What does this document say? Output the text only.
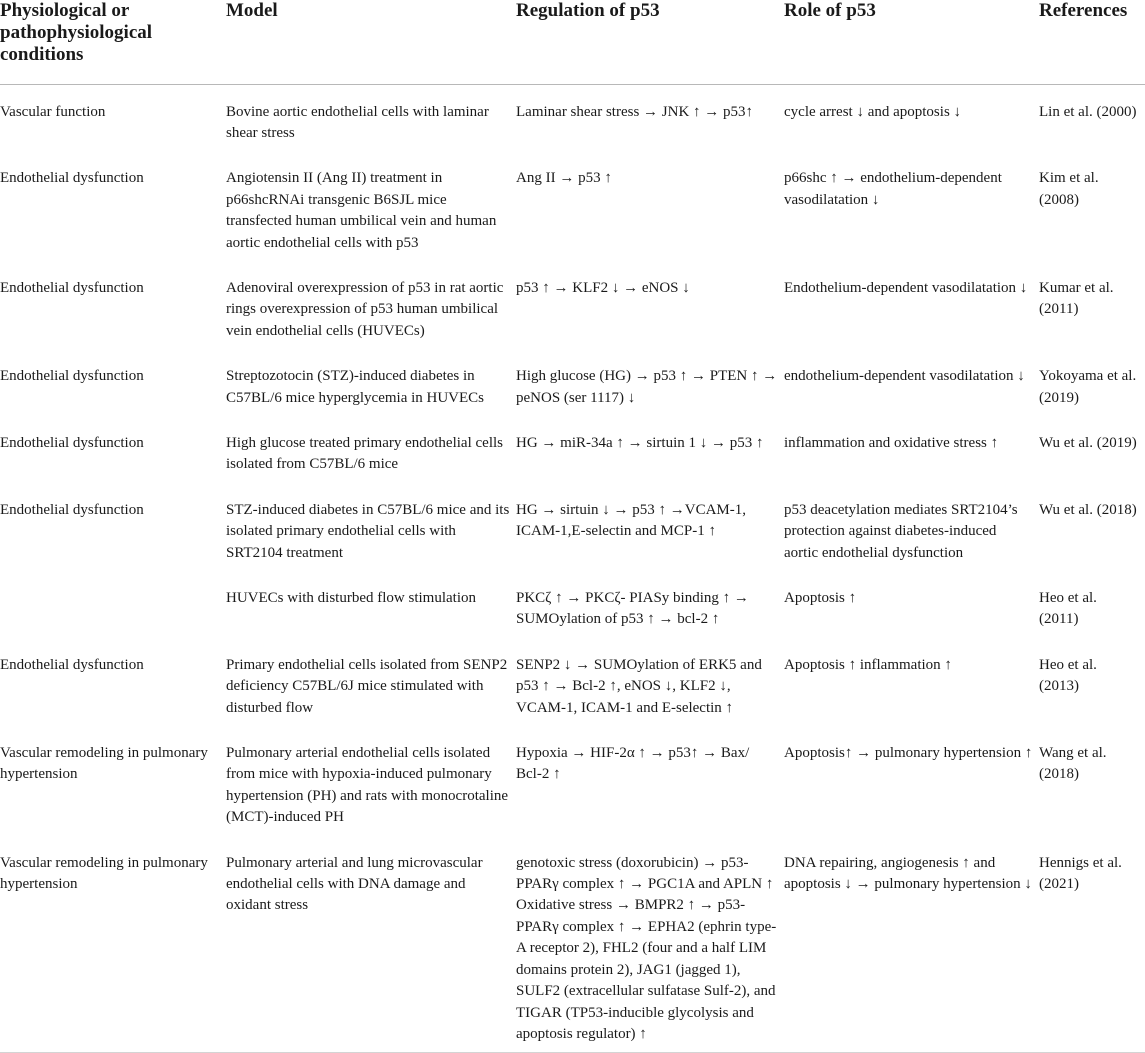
Physiological or pathophysiological conditions	Model	Regulation of p53	Role of p53	References

Vascular function	Bovine aortic endothelial cells with laminar shear stress	Laminar shear stress → JNK ↑ → p53↑	cycle arrest ↓ and apoptosis ↓	Lin et al. (2000)
Endothelial dysfunction	Angiotensin II (Ang II) treatment in p66shcRNAi transgenic B6SJL mice transfected human umbilical vein and human aortic endothelial cells with p53	Ang II → p53 ↑	p66shc ↑ → endothelium-dependent vasodilatation ↓	Kim et al. (2008)
Endothelial dysfunction	Adenoviral overexpression of p53 in rat aortic rings overexpression of p53 human umbilical vein endothelial cells (HUVECs)	p53 ↑ → KLF2 ↓ → eNOS ↓	Endothelium-dependent vasodilatation ↓	Kumar et al. (2011)
Endothelial dysfunction	Streptozotocin (STZ)-induced diabetes in C57BL/6 mice hyperglycemia in HUVECs	High glucose (HG) → p53 ↑ → PTEN ↑ → peNOS (ser 1117) ↓	endothelium-dependent vasodilatation ↓	Yokoyama et al. (2019)
Endothelial dysfunction	High glucose treated primary endothelial cells isolated from C57BL/6 mice	HG → miR-34a ↑ → sirtuin 1 ↓ → p53 ↑	inflammation and oxidative stress ↑	Wu et al. (2019)
Endothelial dysfunction	STZ-induced diabetes in C57BL/6 mice and its isolated primary endothelial cells with SRT2104 treatment	HG → sirtuin ↓ → p53 ↑ →VCAM-1, ICAM-1,E-selectin and MCP-1 ↑	p53 deacetylation mediates SRT2104’s protection against diabetes-induced aortic endothelial dysfunction	Wu et al. (2018)
	HUVECs with disturbed flow stimulation	PKCζ ↑ → PKCζ- PIASy binding ↑ → SUMOylation of p53 ↑ → bcl-2 ↑	Apoptosis ↑	Heo et al. (2011)
Endothelial dysfunction	Primary endothelial cells isolated from SENP2 deficiency C57BL/6J mice stimulated with disturbed flow	SENP2 ↓ → SUMOylation of ERK5 and p53 ↑ → Bcl-2 ↑, eNOS ↓, KLF2 ↓, VCAM-1, ICAM-1 and E-selectin ↑	Apoptosis ↑ inflammation ↑	Heo et al. (2013)
Vascular remodeling in pulmonary hypertension	Pulmonary arterial endothelial cells isolated from mice with hypoxia-induced pulmonary hypertension (PH) and rats with monocrotaline (MCT)-induced PH	Hypoxia → HIF-2α ↑ → p53↑ → Bax/ Bcl-2 ↑	Apoptosis↑ → pulmonary hypertension ↑	Wang et al. (2018)
Vascular remodeling in pulmonary hypertension	Pulmonary arterial and lung microvascular endothelial cells with DNA damage and oxidant stress	genotoxic stress (doxorubicin) → p53-PPARγ complex ↑ → PGC1A and APLN ↑ Oxidative stress → BMPR2 ↑ → p53-PPARγ complex ↑ → EPHA2 (ephrin type-A receptor 2), FHL2 (four and a half LIM domains protein 2), JAG1 (jagged 1), SULF2 (extracellular sulfatase Sulf-2), and TIGAR (TP53-inducible glycolysis and apoptosis regulator) ↑	DNA repairing, angiogenesis ↑ and apoptosis ↓ → pulmonary hypertension ↓	Hennigs et al. (2021)
